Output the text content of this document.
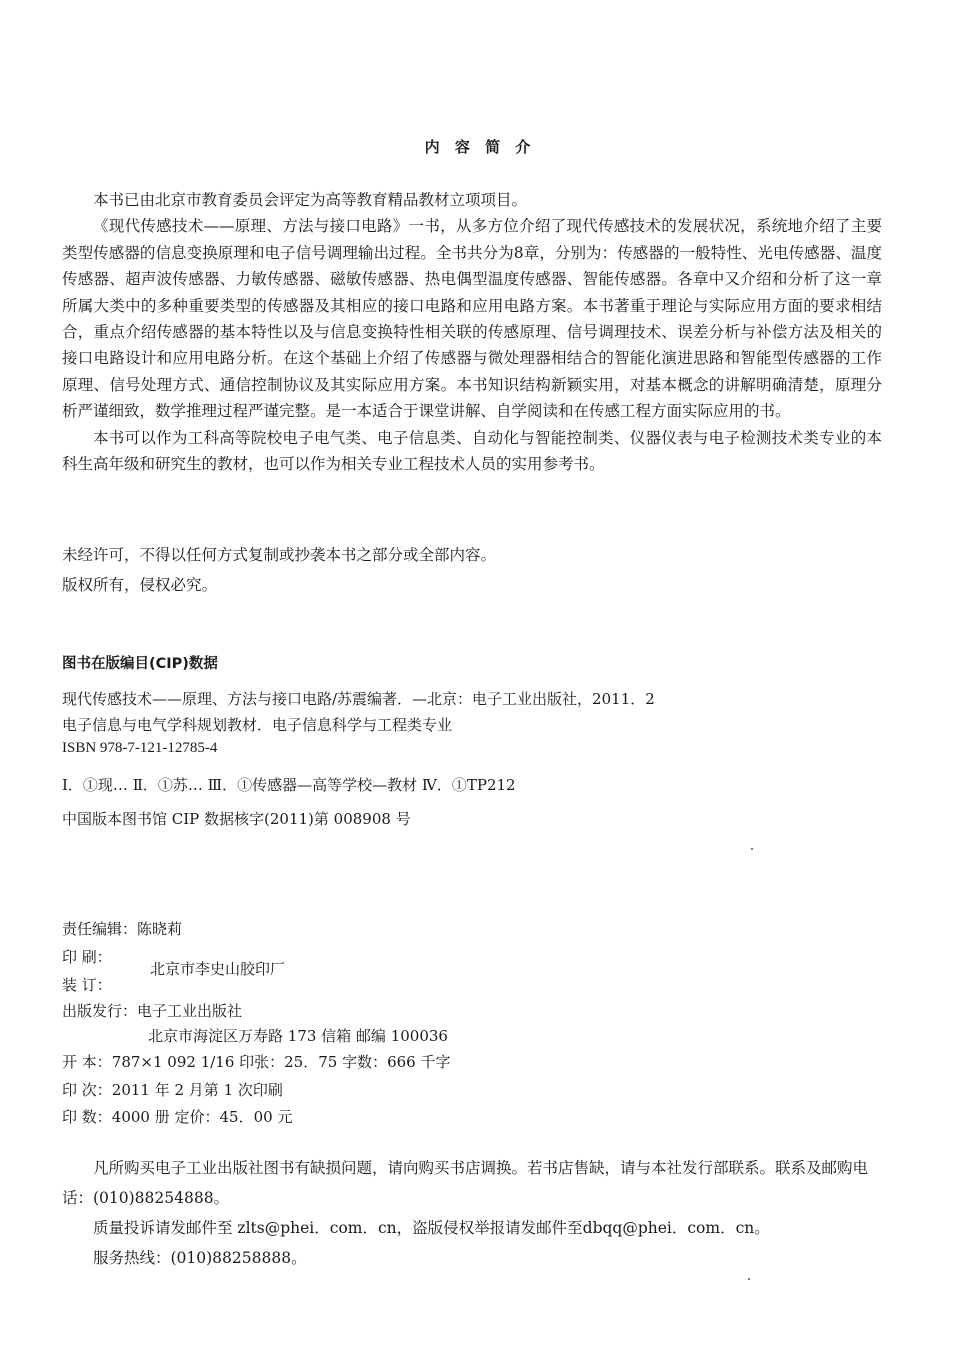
内 容 简 介

本书已由北京市教育委员会评定为高等教育精品教材立项项目。

《现代传感技术——原理、方法与接口电路》一书，从多方位介绍了现代传感技术的发展状况，系统地介绍了主要类型传感器的信息变换原理和电子信号调理输出过程。全书共分为8章，分别为：传感器的一般特性、光电传感器、温度传感器、超声波传感器、力敏传感器、磁敏传感器、热电偶型温度传感器、智能传感器。各章中又介绍和分析了这一章所属大类中的多种重要类型的传感器及其相应的接口电路和应用电路方案。本书著重于理论与实际应用方面的要求相结合，重点介绍传感器的基本特性以及与信息变换特性相关联的传感原理、信号调理技术、误差分析与补偿方法及相关的接口电路设计和应用电路分析。在这个基础上介绍了传感器与微处理器相结合的智能化演进思路和智能型传感器的工作原理、信号处理方式、通信控制协议及其实际应用方案。本书知识结构新颖实用，对基本概念的讲解明确清楚，原理分析严谨细致，数学推理过程严谨完整。是一本适合于课堂讲解、自学阅读和在传感工程方面实际应用的书。

本书可以作为工科高等院校电子电气类、电子信息类、自动化与智能控制类、仪器仪表与电子检测技术类专业的本科生高年级和研究生的教材，也可以作为相关专业工程技术人员的实用参考书。

未经许可，不得以任何方式复制或抄袭本书之部分或全部内容。
版权所有，侵权必究。
图书在版编目(CIP)数据
现代传感技术——原理、方法与接口电路/苏震编著．—北京：电子工业出版社，2011．2
电子信息与电气学科规划教材．电子信息科学与工程类专业
ISBN 978-7-121-12785-4
Ⅰ．①现… Ⅱ．①苏… Ⅲ．①传感器—高等学校—教材 Ⅳ．①TP212
中国版本图书馆 CIP 数据核字(2011)第 008908 号
责任编辑：陈晓莉
印 刷：
北京市李史山胶印厂
装 订：
出版发行：电子工业出版社
北京市海淀区万寿路 173 信箱 邮编 100036
开 本：787×1 092 1/16 印张：25．75 字数：666 千字
印 次：2011 年 2 月第 1 次印刷
印 数：4000 册 定价：45．00 元

凡所购买电子工业出版社图书有缺损问题，请向购买书店调换。若书店售缺，请与本社发行部联系。联系及邮购电话：(010)88254888。

质量投诉请发邮件至 zlts@phei．com．cn，盗版侵权举报请发邮件至dbqq@phei．com．cn。

服务热线：(010)88258888。
